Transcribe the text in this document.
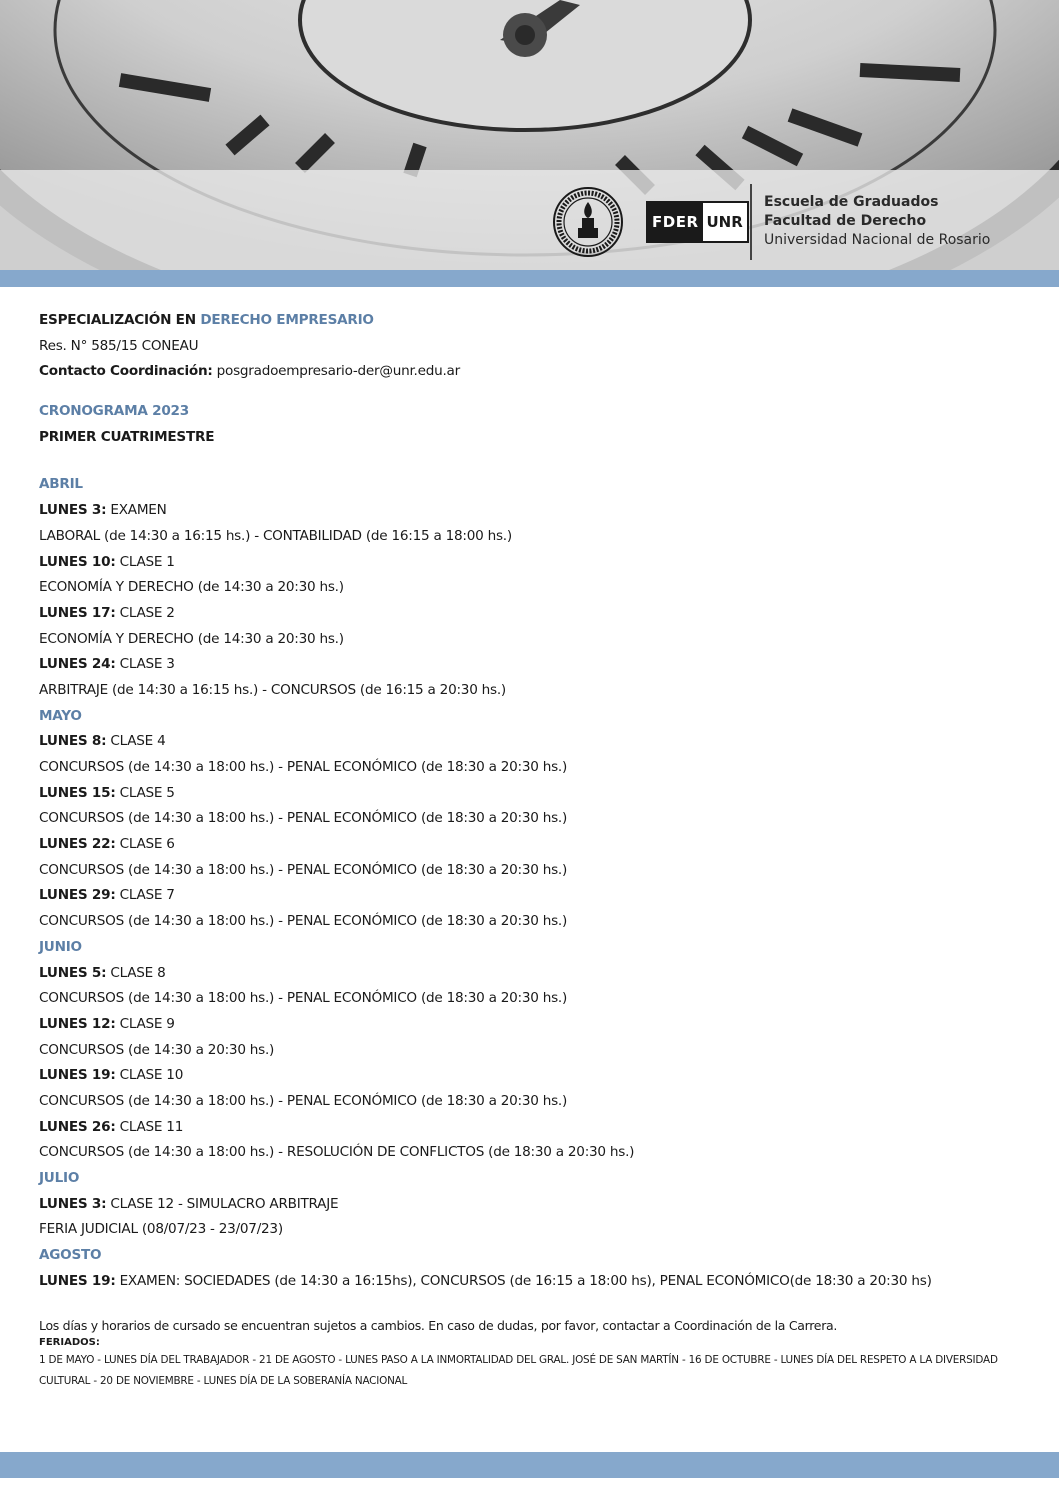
FDER UNR
Escuela de Graduados
Facultad de Derecho
Universidad Nacional de Rosario
ESPECIALIZACIÓN EN DERECHO EMPRESARIO
Res. N° 585/15 CONEAU
Contacto Coordinación: posgradoempresario-der@unr.edu.ar
CRONOGRAMA 2023
PRIMER CUATRIMESTRE
ABRIL
LUNES 3: EXAMEN
LABORAL (de 14:30 a 16:15 hs.) - CONTABILIDAD (de 16:15 a 18:00 hs.)
LUNES 10: CLASE 1
ECONOMÍA Y DERECHO (de 14:30 a 20:30 hs.)
LUNES 17: CLASE 2
ECONOMÍA Y DERECHO (de 14:30 a 20:30 hs.)
LUNES 24: CLASE 3
ARBITRAJE (de 14:30 a 16:15 hs.) - CONCURSOS (de 16:15 a 20:30 hs.)
MAYO
LUNES 8: CLASE 4
CONCURSOS (de 14:30 a 18:00 hs.) - PENAL ECONÓMICO (de 18:30 a 20:30 hs.)
LUNES 15: CLASE 5
CONCURSOS (de 14:30 a 18:00 hs.) - PENAL ECONÓMICO (de 18:30 a 20:30 hs.)
LUNES 22: CLASE 6
CONCURSOS (de 14:30 a 18:00 hs.) - PENAL ECONÓMICO (de 18:30 a 20:30 hs.)
LUNES 29: CLASE 7
CONCURSOS (de 14:30 a 18:00 hs.) - PENAL ECONÓMICO (de 18:30 a 20:30 hs.)
JUNIO
LUNES 5: CLASE 8
CONCURSOS (de 14:30 a 18:00 hs.) - PENAL ECONÓMICO (de 18:30 a 20:30 hs.)
LUNES 12: CLASE 9
CONCURSOS (de 14:30 a 20:30 hs.)
LUNES 19: CLASE 10
CONCURSOS (de 14:30 a 18:00 hs.) - PENAL ECONÓMICO (de 18:30 a 20:30 hs.)
LUNES 26: CLASE 11
CONCURSOS (de 14:30 a 18:00 hs.) - RESOLUCIÓN DE CONFLICTOS (de 18:30 a 20:30 hs.)
JULIO
LUNES 3: CLASE 12 - SIMULACRO ARBITRAJE
FERIA JUDICIAL (08/07/23 - 23/07/23)
AGOSTO
LUNES 19: EXAMEN: SOCIEDADES (de 14:30 a 16:15hs), CONCURSOS (de 16:15 a 18:00 hs), PENAL ECONÓMICO(de 18:30 a 20:30 hs)
Los días y horarios de cursado se encuentran sujetos a cambios. En caso de dudas, por favor, contactar a Coordinación de la Carrera.
FERIADOS:
1 DE MAYO - LUNES DÍA DEL TRABAJADOR - 21 DE AGOSTO - LUNES PASO A LA INMORTALIDAD DEL GRAL. JOSÉ DE SAN MARTÍN - 16 DE OCTUBRE - LUNES DÍA DEL RESPETO A LA DIVERSIDAD CULTURAL - 20 DE NOVIEMBRE - LUNES DÍA DE LA SOBERANÍA NACIONAL
